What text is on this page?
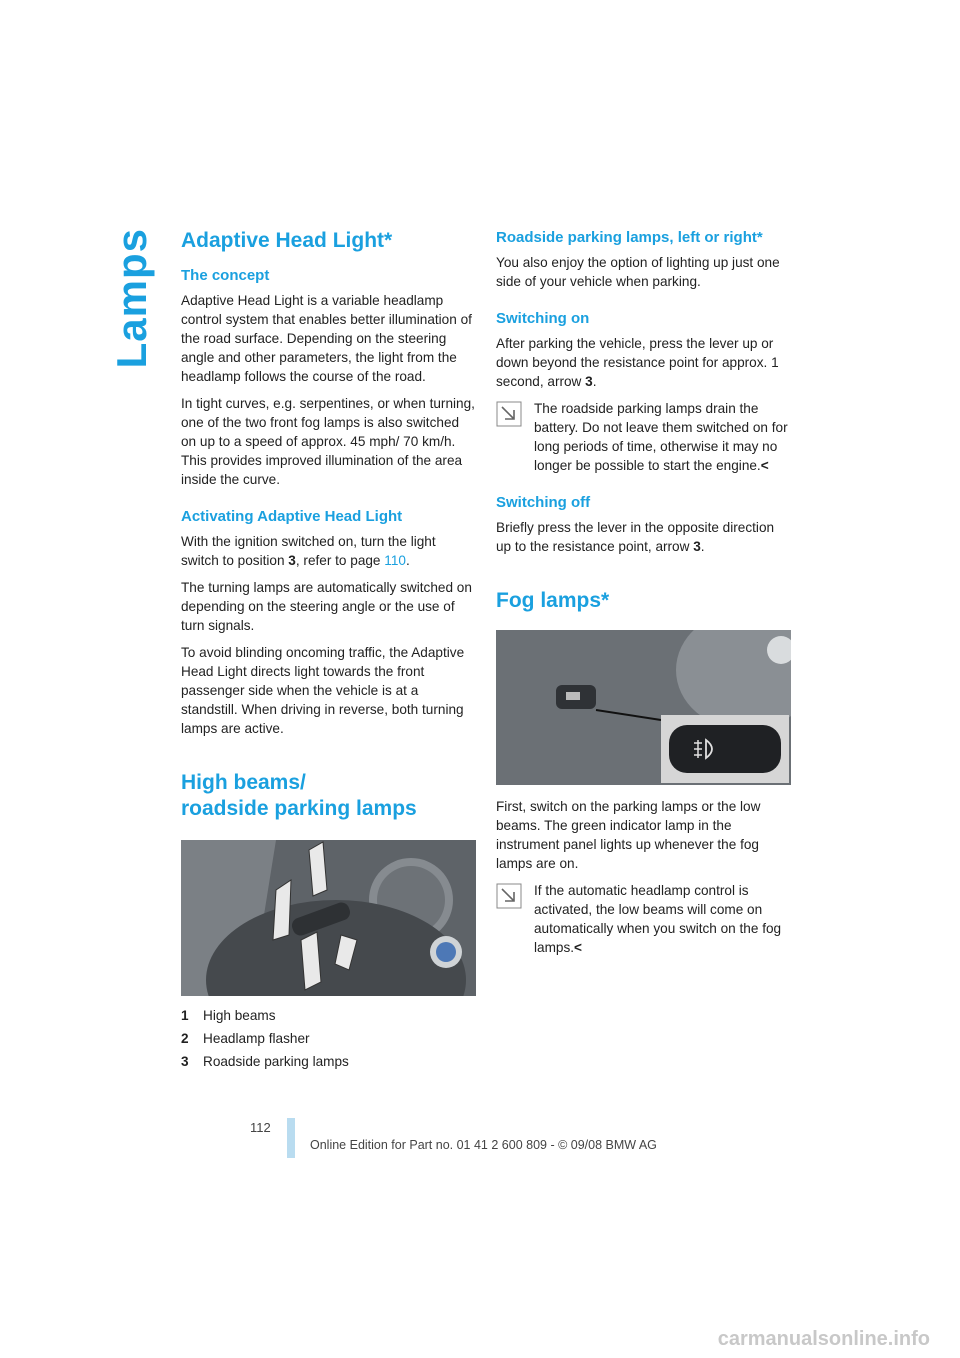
Lamps Adaptive Head Light*
The concept

Adaptive Head Light is a variable headlamp control system that enables better illumination of the road surface. Depending on the steering angle and other parameters, the light from the headlamp follows the course of the road.

In tight curves, e.g. serpentines, or when turning, one of the two front fog lamps is also switched on up to a speed of approx. 45 mph/ 70 km/h. This provides improved illumination of the area inside the curve.

Activating Adaptive Head Light

With the ignition switched on, turn the light switch to position 3, refer to page 110.

The turning lamps are automatically switched on depending on the steering angle or the use of turn signals.

To avoid blinding oncoming traffic, the Adaptive Head Light directs light towards the front passenger side when the vehicle is at a standstill. When driving in reverse, both turning lamps are active.

High beams/
roadside parking lamps
1	High beams
2	Headlamp flasher
3	Roadside parking lamps
Roadside parking lamps, left or right*

You also enjoy the option of lighting up just one side of your vehicle when parking.

Switching on

After parking the vehicle, press the lever up or down beyond the resistance point for approx. 1 second, arrow 3.

The roadside parking lamps drain the battery. Do not leave them switched on for long periods of time, otherwise it may no longer be possible to start the engine.<

Switching off

Briefly press the lever in the opposite direction up to the resistance point, arrow 3.

Fog lamps*

First, switch on the parking lamps or the low beams. The green indicator lamp in the instrument panel lights up whenever the fog lamps are on.

If the automatic headlamp control is activated, the low beams will come on automatically when you switch on the fog lamps.<

112
Online Edition for Part no. 01 41 2 600 809 - © 09/08 BMW AG
carmanualsonline.info
